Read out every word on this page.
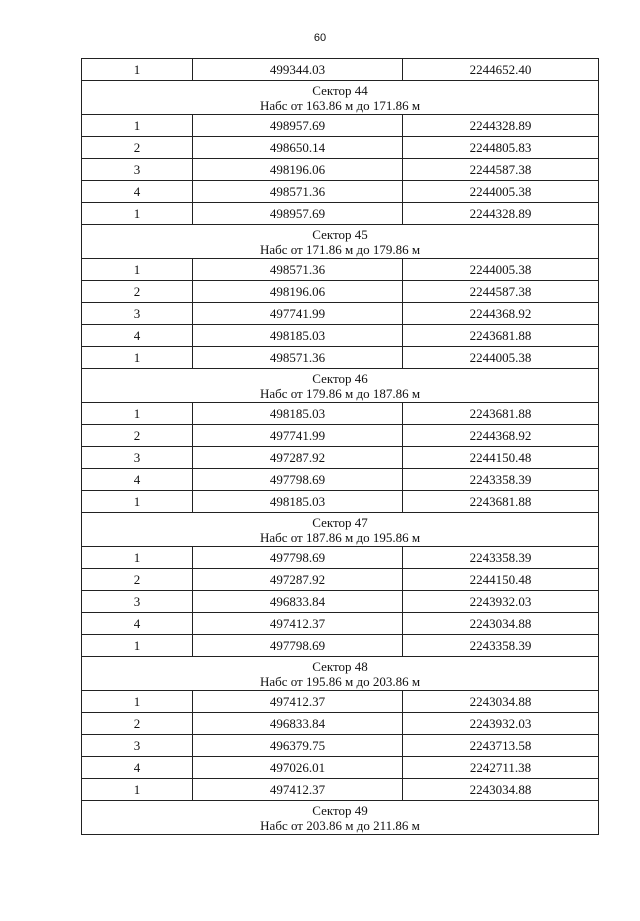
60
1	499344.03	2244652.40

Сектор 44
Набс от 163.86 м до 171.86 м		

1	498957.69	2244328.89
2	498650.14	2244805.83
3	498196.06	2244587.38
4	498571.36	2244005.38
1	498957.69	2244328.89

Сектор 45
Набс от 171.86 м до 179.86 м		

1	498571.36	2244005.38
2	498196.06	2244587.38
3	497741.99	2244368.92
4	498185.03	2243681.88
1	498571.36	2244005.38

Сектор 46
Набс от 179.86 м до 187.86 м		

1	498185.03	2243681.88
2	497741.99	2244368.92
3	497287.92	2244150.48
4	497798.69	2243358.39
1	498185.03	2243681.88

Сектор 47
Набс от 187.86 м до 195.86 м		

1	497798.69	2243358.39
2	497287.92	2244150.48
3	496833.84	2243932.03
4	497412.37	2243034.88
1	497798.69	2243358.39

Сектор 48
Набс от 195.86 м до 203.86 м		

1	497412.37	2243034.88
2	496833.84	2243932.03
3	496379.75	2243713.58
4	497026.01	2242711.38
1	497412.37	2243034.88

Сектор 49
Набс от 203.86 м до 211.86 м		
